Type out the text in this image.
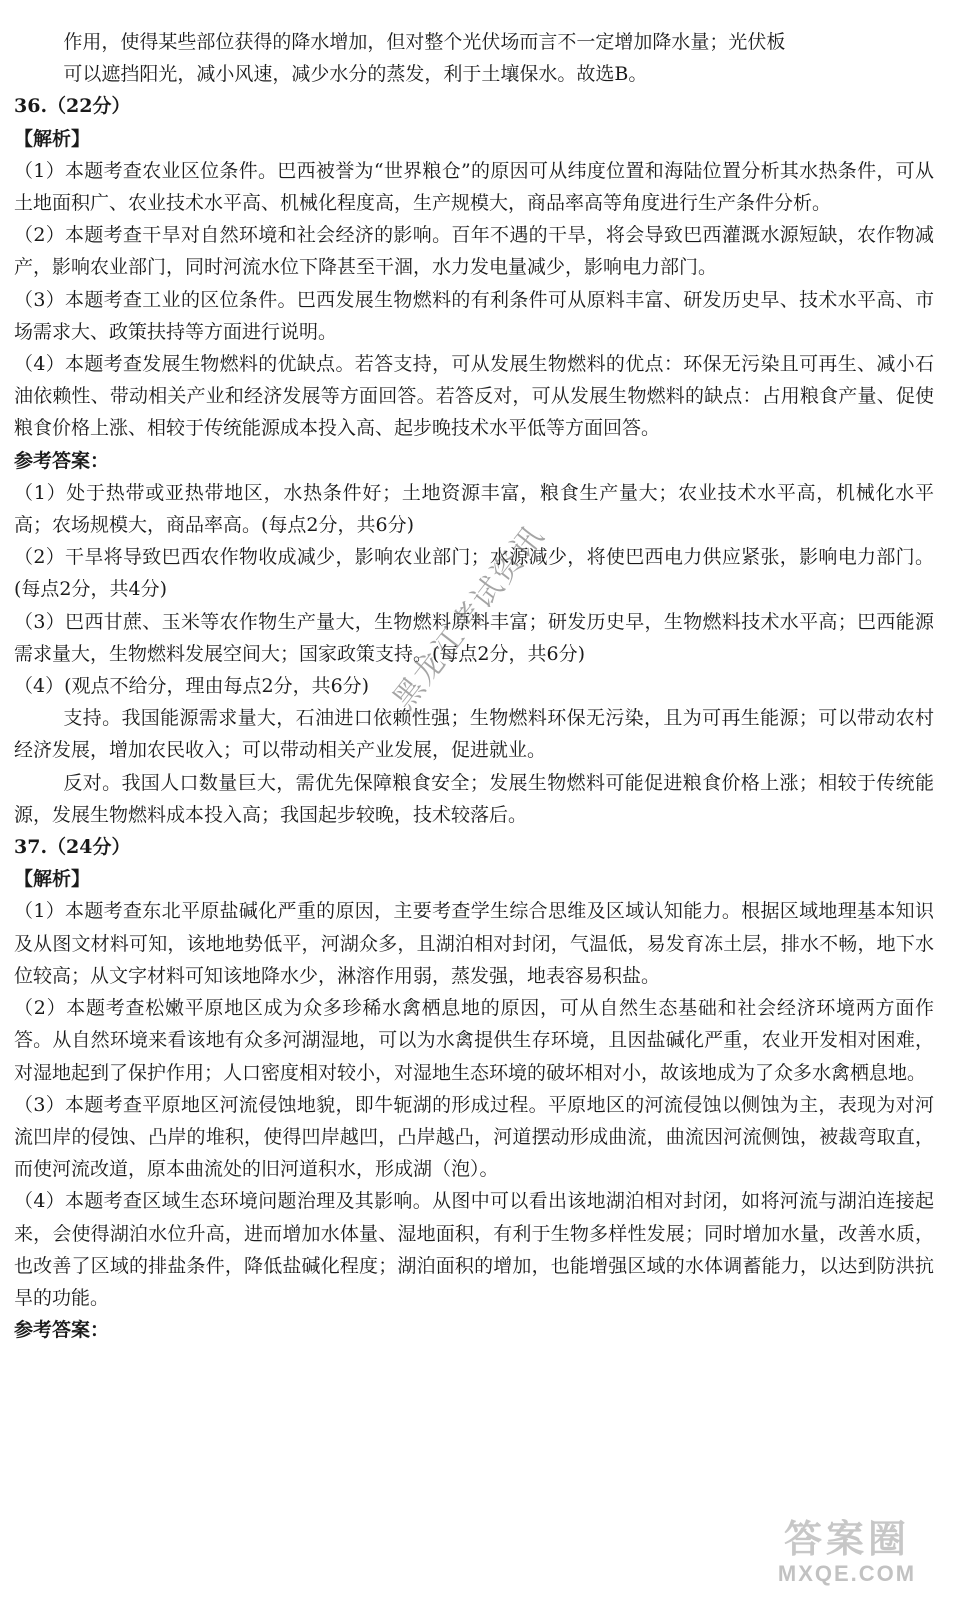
作用，使得某些部位获得的降水增加，但对整个光伏场而言不一定增加降水量；光伏板

可以遮挡阳光，减小风速，减少水分的蒸发，利于土壤保水。故选B。

36.（22分）

【解析】

（1）本题考查农业区位条件。巴西被誉为“世界粮仓”的原因可从纬度位置和海陆位置分析其水热条件，可从土地面积广、农业技术水平高、机械化程度高，生产规模大，商品率高等角度进行生产条件分析。

（2）本题考查干旱对自然环境和社会经济的影响。百年不遇的干旱，将会导致巴西灌溉水源短缺，农作物减产，影响农业部门，同时河流水位下降甚至干涸，水力发电量减少，影响电力部门。

（3）本题考查工业的区位条件。巴西发展生物燃料的有利条件可从原料丰富、研发历史早、技术水平高、市场需求大、政策扶持等方面进行说明。

（4）本题考查发展生物燃料的优缺点。若答支持，可从发展生物燃料的优点：环保无污染且可再生、减小石油依赖性、带动相关产业和经济发展等方面回答。若答反对，可从发展生物燃料的缺点：占用粮食产量、促使粮食价格上涨、相较于传统能源成本投入高、起步晚技术水平低等方面回答。

参考答案：

（1）处于热带或亚热带地区，水热条件好；土地资源丰富，粮食生产量大；农业技术水平高，机械化水平高；农场规模大，商品率高。(每点2分，共6分)

（2）干旱将导致巴西农作物收成减少，影响农业部门；水源减少，将使巴西电力供应紧张，影响电力部门。(每点2分，共4分)

（3）巴西甘蔗、玉米等农作物生产量大，生物燃料原料丰富；研发历史早，生物燃料技术水平高；巴西能源需求量大，生物燃料发展空间大；国家政策支持。(每点2分，共6分)

（4）(观点不给分，理由每点2分，共6分)

支持。我国能源需求量大，石油进口依赖性强；生物燃料环保无污染，且为可再生能源；可以带动农村经济发展，增加农民收入；可以带动相关产业发展，促进就业。

反对。我国人口数量巨大，需优先保障粮食安全；发展生物燃料可能促进粮食价格上涨；相较于传统能源，发展生物燃料成本投入高；我国起步较晚，技术较落后。

37.（24分）

【解析】

（1）本题考查东北平原盐碱化严重的原因，主要考查学生综合思维及区域认知能力。根据区域地理基本知识及从图文材料可知，该地地势低平，河湖众多，且湖泊相对封闭，气温低，易发育冻土层，排水不畅，地下水位较高；从文字材料可知该地降水少，淋溶作用弱，蒸发强，地表容易积盐。

（2）本题考查松嫩平原地区成为众多珍稀水禽栖息地的原因，可从自然生态基础和社会经济环境两方面作答。从自然环境来看该地有众多河湖湿地，可以为水禽提供生存环境，且因盐碱化严重，农业开发相对困难，对湿地起到了保护作用；人口密度相对较小，对湿地生态环境的破坏相对小，故该地成为了众多水禽栖息地。

（3）本题考查平原地区河流侵蚀地貌，即牛轭湖的形成过程。平原地区的河流侵蚀以侧蚀为主，表现为对河流凹岸的侵蚀、凸岸的堆积，使得凹岸越凹，凸岸越凸，河道摆动形成曲流，曲流因河流侧蚀，被裁弯取直，而使河流改道，原本曲流处的旧河道积水，形成湖（泡）。

（4）本题考查区域生态环境问题治理及其影响。从图中可以看出该地湖泊相对封闭，如将河流与湖泊连接起来，会使得湖泊水位升高，进而增加水体量、湿地面积，有利于生物多样性发展；同时增加水量，改善水质，也改善了区域的排盐条件，降低盐碱化程度；湖泊面积的增加，也能增强区域的水体调蓄能力，以达到防洪抗旱的功能。

参考答案：

黑龙江考试资讯
答案圈
MXQE.COM
